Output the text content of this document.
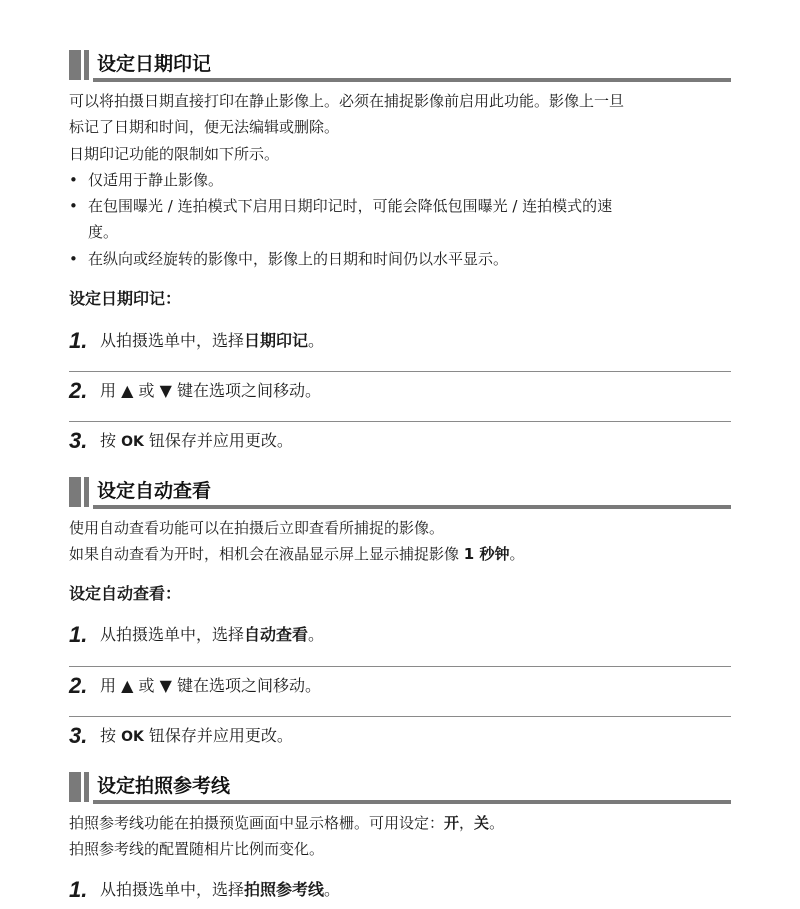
设定日期印记
可以将拍摄日期直接打印在静止影像上。必须在捕捉影像前启用此功能。影像上一旦
标记了日期和时间，便无法编辑或删除。
日期印记功能的限制如下所示。
• 仅适用于静止影像。
• 在包围曝光 / 连拍模式下启用日期印记时，可能会降低包围曝光 / 连拍模式的速
度。
• 在纵向或经旋转的影像中，影像上的日期和时间仍以水平显示。
设定日期印记：
1. 从拍摄选单中，选择日期印记。
2. 用 ▲ 或 ▼ 键在选项之间移动。
3. 按 OK 钮保存并应用更改。
设定自动查看
使用自动查看功能可以在拍摄后立即查看所捕捉的影像。
如果自动查看为开时，相机会在液晶显示屏上显示捕捉影像 1 秒钟。
设定自动查看：
1. 从拍摄选单中，选择自动查看。
2. 用 ▲ 或 ▼ 键在选项之间移动。
3. 按 OK 钮保存并应用更改。
设定拍照参考线
拍照参考线功能在拍摄预览画面中显示格栅。可用设定：开，关。
拍照参考线的配置随相片比例而变化。
1. 从拍摄选单中，选择拍照参考线。
